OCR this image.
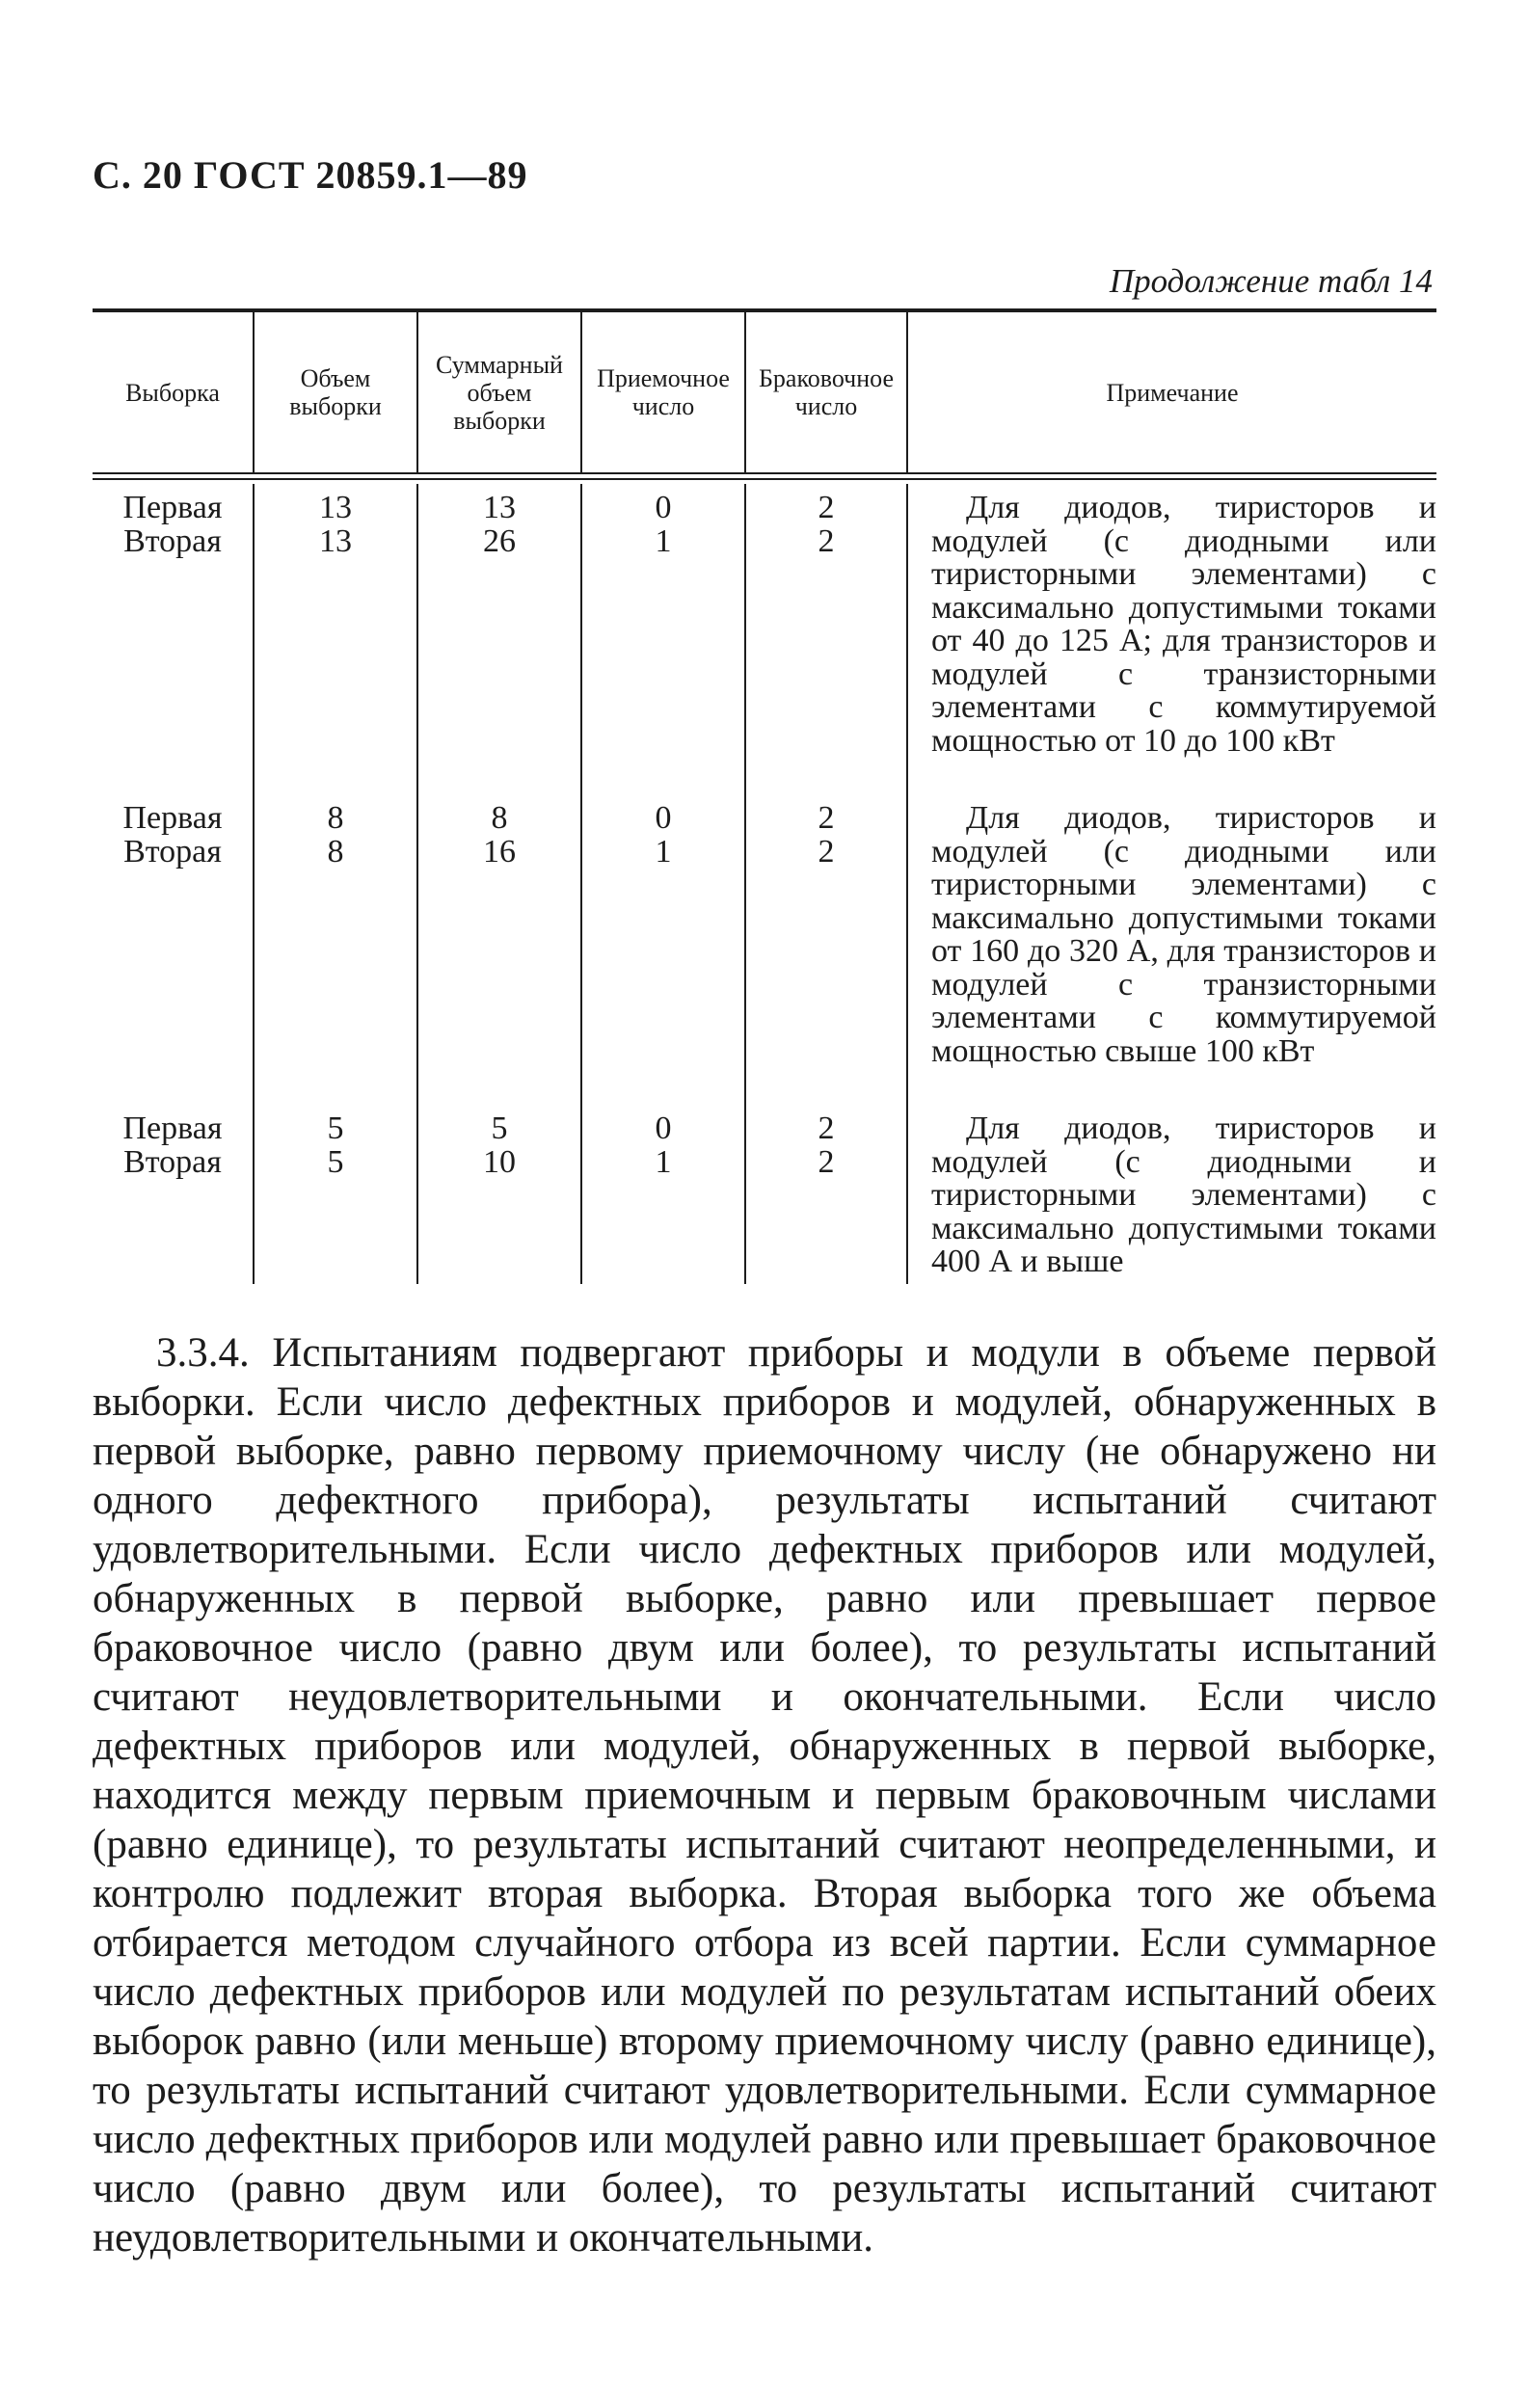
С. 20 ГОСТ 20859.1—89
Продолжение табл 14
Выборка	Объем выборки
Суммарный объем выборки
Приемочное число
Браковочное число	Примечание
Первая
Вторая
13
13
13
26
0
1
2
2
Для диодов, тиристоров и модулей (с диодными или тиристорными элементами) с максимально допустимыми токами от 40 до 125 А; для транзисторов и модулей с транзисторными элементами с коммутируемой мощностью от 10 до 100 кВт
Первая
Вторая
8
8
8
16
0
1
2
2
Для диодов, тиристоров и модулей (с диодными или тиристорными элементами) с максимально допустимыми токами от 160 до 320 А, для транзисторов и модулей с транзисторными элементами с коммутируемой мощностью свыше 100 кВт
Первая
Вторая
5
5
5
10
0
1
2
2
Для диодов, тиристоров и модулей (с диодными и тиристорными элементами) с максимально допустимыми токами 400 А и выше
3.3.4. Испытаниям подвергают приборы и модули в объеме первой выборки. Если число дефектных приборов и модулей, обнаруженных в первой выборке, равно первому приемочному числу (не обнаружено ни одного дефектного прибора), результаты испытаний считают удовлетворительными. Если число дефектных приборов или модулей, обнаруженных в первой выборке, равно или превышает первое браковочное число (равно двум или более), то результаты испытаний считают неудовлетворительными и окончательными. Если число дефектных приборов или модулей, обнаруженных в первой выборке, находится между первым приемочным и первым браковочным числами (равно единице), то результаты испытаний считают неопределенными, и контролю подлежит вторая выборка. Вторая выборка того же объема отбирается методом случайного отбора из всей партии. Если суммарное число дефектных приборов или модулей по результатам испытаний обеих выборок равно (или меньше) второму приемочному числу (равно единице), то результаты испытаний считают удовлетворительными. Если суммарное число дефектных приборов или модулей равно или превышает браковочное число (равно двум или более), то результаты испытаний считают неудовлетворительными и окончательными.
